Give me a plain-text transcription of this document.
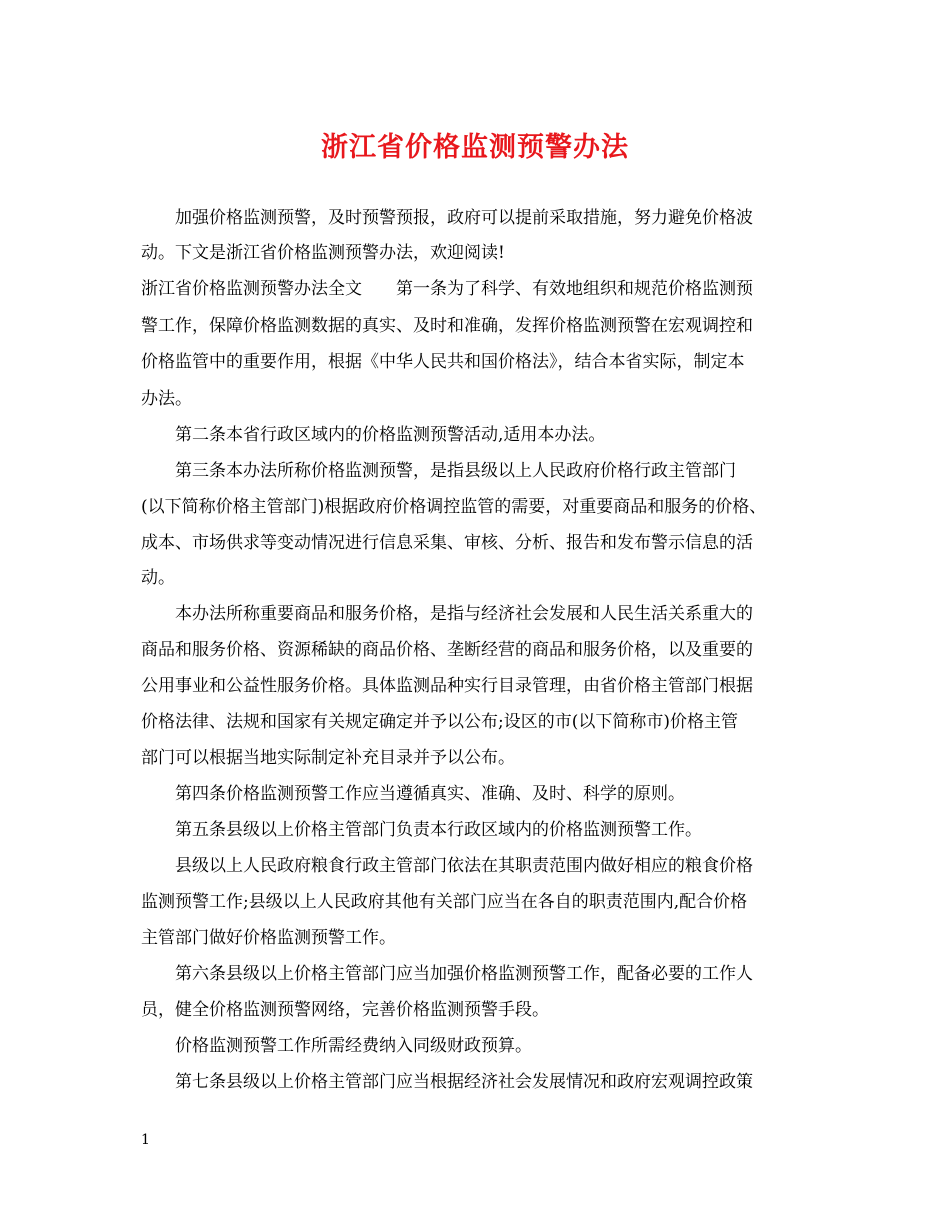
浙江省价格监测预警办法
　　加强价格监测预警，及时预警预报，政府可以提前采取措施，努力避免价格波
动。下文是浙江省价格监测预警办法，欢迎阅读!
浙江省价格监测预警办法全文　　第一条为了科学、有效地组织和规范价格监测预
警工作，保障价格监测数据的真实、及时和准确，发挥价格监测预警在宏观调控和
价格监管中的重要作用，根据《中华人民共和国价格法》，结合本省实际，制定本
办法。
　　第二条本省行政区域内的价格监测预警活动,适用本办法。
　　第三条本办法所称价格监测预警，是指县级以上人民政府价格行政主管部门
(以下简称价格主管部门)根据政府价格调控监管的需要，对重要商品和服务的价格、
成本、市场供求等变动情况进行信息采集、审核、分析、报告和发布警示信息的活
动。
　　本办法所称重要商品和服务价格，是指与经济社会发展和人民生活关系重大的
商品和服务价格、资源稀缺的商品价格、垄断经营的商品和服务价格，以及重要的
公用事业和公益性服务价格。具体监测品种实行目录管理，由省价格主管部门根据
价格法律、法规和国家有关规定确定并予以公布;设区的市(以下简称市)价格主管
部门可以根据当地实际制定补充目录并予以公布。
　　第四条价格监测预警工作应当遵循真实、准确、及时、科学的原则。
　　第五条县级以上价格主管部门负责本行政区域内的价格监测预警工作。
　　县级以上人民政府粮食行政主管部门依法在其职责范围内做好相应的粮食价格
监测预警工作;县级以上人民政府其他有关部门应当在各自的职责范围内,配合价格
主管部门做好价格监测预警工作。
　　第六条县级以上价格主管部门应当加强价格监测预警工作，配备必要的工作人
员，健全价格监测预警网络，完善价格监测预警手段。
　　价格监测预警工作所需经费纳入同级财政预算。
　　第七条县级以上价格主管部门应当根据经济社会发展情况和政府宏观调控政策
1
